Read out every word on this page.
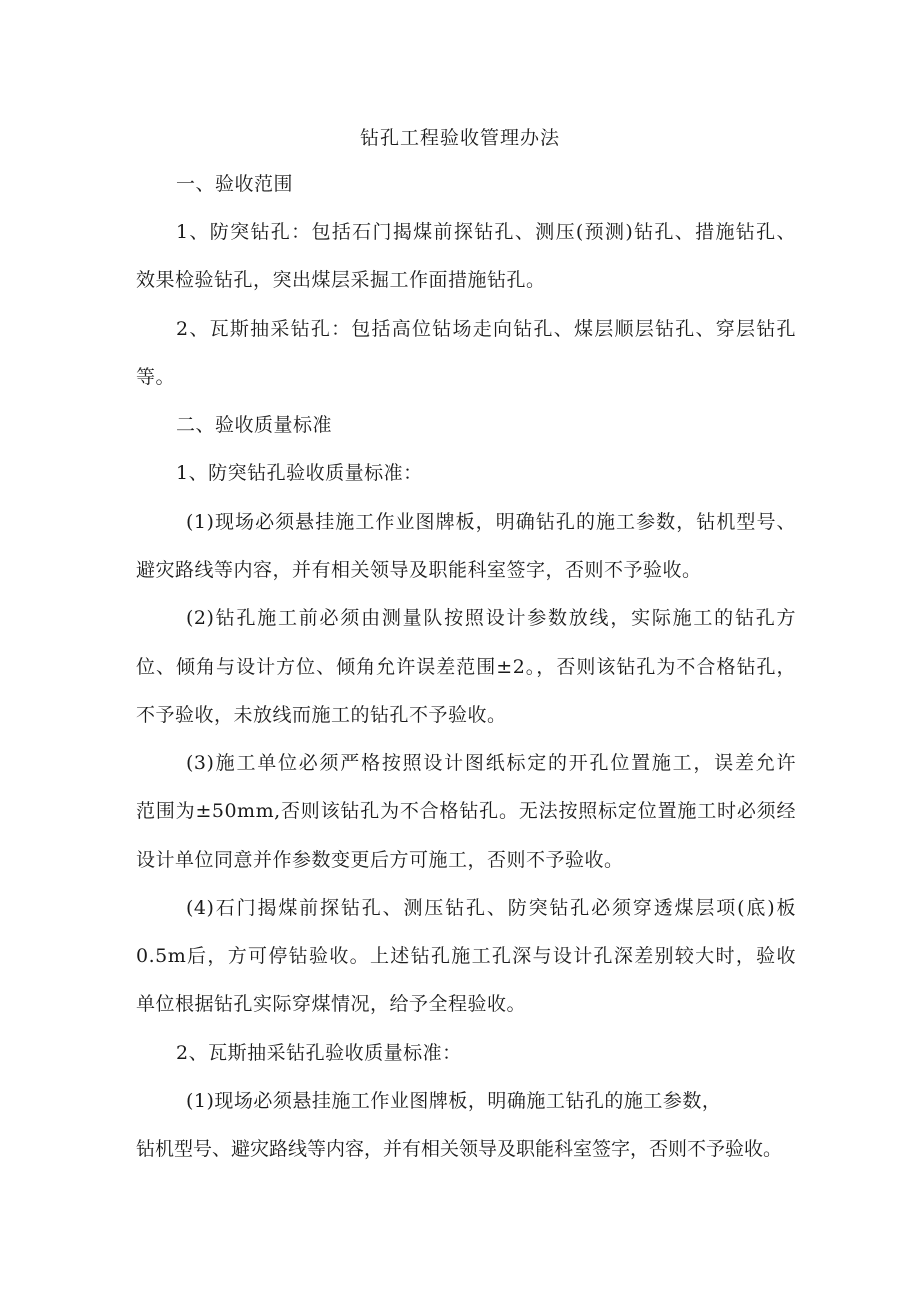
钻孔工程验收管理办法
一、验收范围
1、防突钻孔：包括石门揭煤前探钻孔、测压(预测)钻孔、措施钻孔、
效果检验钻孔，突出煤层采掘工作面措施钻孔。
2、瓦斯抽采钻孔：包括高位钻场走向钻孔、煤层顺层钻孔、穿层钻孔
等。
二、验收质量标准
1、防突钻孔验收质量标准：
(1)现场必须悬挂施工作业图牌板，明确钻孔的施工参数，钻机型号、
避灾路线等内容，并有相关领导及职能科室签字，否则不予验收。
(2)钻孔施工前必须由测量队按照设计参数放线，实际施工的钻孔方
位、倾角与设计方位、倾角允许误差范围±2。，否则该钻孔为不合格钻孔，
不予验收，未放线而施工的钻孔不予验收。
(3)施工单位必须严格按照设计图纸标定的开孔位置施工，误差允许
范围为±50mm,否则该钻孔为不合格钻孔。无法按照标定位置施工时必须经
设计单位同意并作参数变更后方可施工，否则不予验收。
(4)石门揭煤前探钻孔、测压钻孔、防突钻孔必须穿透煤层项(底)板
0.5m后，方可停钻验收。上述钻孔施工孔深与设计孔深差别较大时，验收
单位根据钻孔实际穿煤情况，给予全程验收。
2、瓦斯抽采钻孔验收质量标准：
(1)现场必须悬挂施工作业图牌板，明确施工钻孔的施工参数，
钻机型号、避灾路线等内容，并有相关领导及职能科室签字，否则不予验收。
